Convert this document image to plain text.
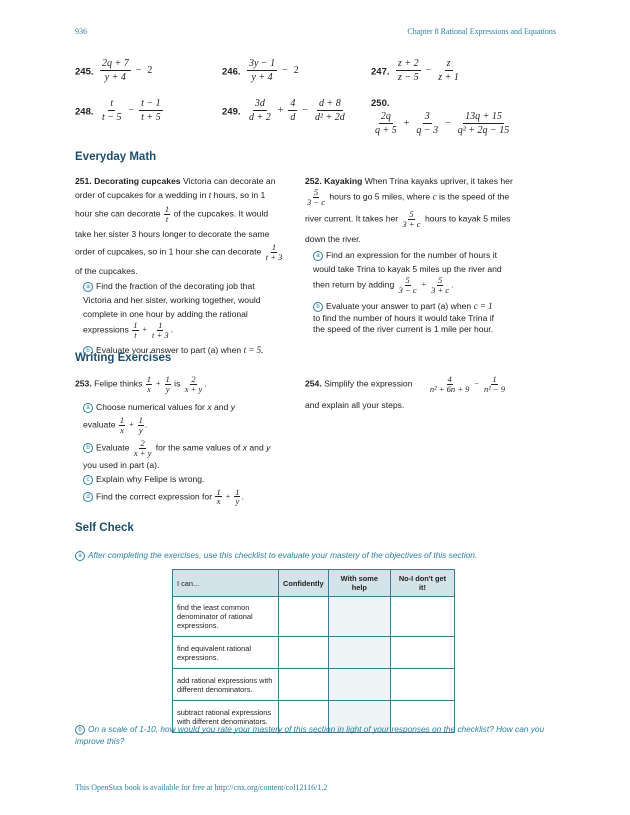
936	Chapter 8 Rational Expressions and Equations
245. $\frac{2q + 7}{y + 4} - 2$	246. $\frac{3y - 1}{y + 4} - 2$	247. $\frac{z + 2}{z - 5} - \frac{z}{z + 1}$
248. $\frac{t}{t - 5} - \frac{t - 1}{t + 5}$	249. $\frac{3d}{d + 2} + \frac{4}{d} - \frac{d + 8}{\text{d² + 2d}}$	250.
$\frac{2q}{q + 5} + \frac{3}{q - 3} - \frac{13q + 15}{\text{q² + 2q − 15}}$
Everyday Math
251. Decorating cupcakes Victoria can decorate an
order of cupcakes for a wedding in t hours, so in 1
hour she can decorate $\frac{1}{t}$ of the cupcakes. It would
take her sister 3 hours longer to decorate the same
order of cupcakes, so in 1 hour she can decorate $\frac{1}{t + 3}$
of the cupcakes.
a Find the fraction of the decorating job that
Victoria and her sister, working together, would
complete in one hour by adding the rational
expressions $\frac{1}{t} + \frac{1}{t + 3}$ .
b Evaluate your answer to part (a) when t = 5.
252. Kayaking When Trina kayaks upriver, it takes her
$\frac{5}{3 - c}$ hours to go 5 miles, where c is the speed of the
river current. It takes her $\frac{5}{3 + c}$ hours to kayak 5 miles
down the river.
a Find an expression for the number of hours it
would take Trina to kayak 5 miles up the river and
then return by adding $\frac{5}{3 - c} + \frac{5}{3 + c}$ .
b Evaluate your answer to part (a) when c = 1
to find the number of hours it would take Trina if
the speed of the river current is 1 mile per hour.
Writing Exercises
253. Felipe thinks $\frac{1}{x} + \frac{1}{y}$ is $\frac{2}{x + y}$ .
a Choose numerical values for x and y
evaluate $\frac{1}{x} + \frac{1}{y}$ .
b Evaluate $\frac{2}{x + y}$ for the same values of x and y
you used in part (a).
c Explain why Felipe is wrong.
d Find the correct expression for $\frac{1}{x} + \frac{1}{y}$ .
254. Simplify the expression $\frac{4}{\text{n² + 6n + 9}} - \frac{1}{\text{n² − 9}}$
and explain all your steps.
Self Check
a After completing the exercises, use this checklist to evaluate your mastery of the objectives of this section.
I can...	Confidently	With some help	No-I don't get it!
find the least common denominator of rational expressions.			
find equivalent rational expressions.			
add rational expressions with different denominators.			
subtract rational expressions with different denominators.			
b On a scale of 1-10, how would you rate your mastery of this section in light of your responses on the checklist? How can you
improve this?
This OpenStax book is available for free at http://cnx.org/content/col12116/1.2
